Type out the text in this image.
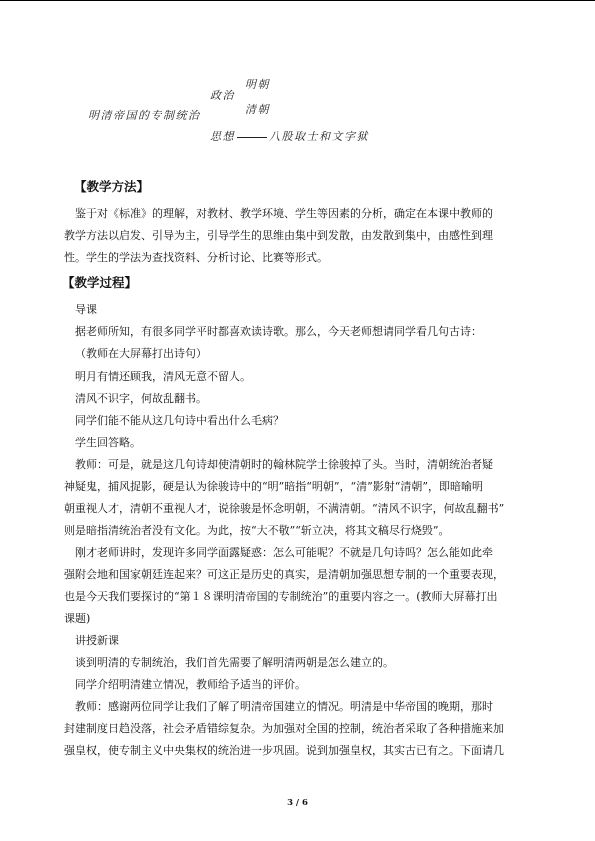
政治
明朝
清朝
明清帝国的专制统治
思想	八股取士和文字狱
【教学方法】
鉴于对《标准》的理解，对教材、教学环境、学生等因素的分析，确定在本课中教师的
教学方法以启发、引导为主，引导学生的思维由集中到发散，由发散到集中，由感性到理
性。学生的学法为查找资料、分析讨论、比赛等形式。
【教学过程】
导课
据老师所知，有很多同学平时都喜欢读诗歌。那么，今天老师想请同学看几句古诗：
（教师在大屏幕打出诗句）
明月有情还顾我，清风无意不留人。
清风不识字，何故乱翻书。
同学们能不能从这几句诗中看出什么毛病？
学生回答略。
教师：可是，就是这几句诗却使清朝时的翰林院学士徐骏掉了头。当时，清朝统治者疑
神疑鬼，捕风捉影，硬是认为徐骏诗中的“明”暗指“明朝”，“清”影射“清朝”，即暗喻明
朝重视人才，清朝不重视人才，说徐骏是怀念明朝，不满清朝。“清风不识字，何故乱翻书”
则是暗指清统治者没有文化。为此，按“大不敬”“斩立决，将其文稿尽行烧毁”。
刚才老师讲时，发现许多同学面露疑惑：怎么可能呢？不就是几句诗吗？怎么能如此牵
强附会地和国家朝廷连起来？可这正是历史的真实，是清朝加强思想专制的一个重要表现，
也是今天我们要探讨的“第１８课明清帝国的专制统治”的重要内容之一。(教师大屏幕打出
课题)
讲授新课
谈到明清的专制统治，我们首先需要了解明清两朝是怎么建立的。
同学介绍明清建立情况，教师给予适当的评价。
教师：感谢两位同学让我们了解了明清帝国建立的情况。明清是中华帝国的晚期，那时
封建制度日趋没落，社会矛盾错综复杂。为加强对全国的控制，统治者采取了各种措施来加
强皇权，使专制主义中央集权的统治进一步巩固。说到加强皇权，其实古已有之。下面请几
3 / 6
